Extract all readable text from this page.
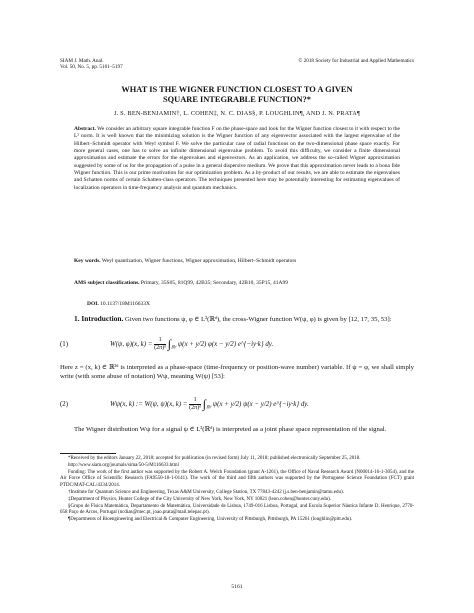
SIAM J. Math. Anal.
Vol. 50, No. 5, pp. 5161–5197
© 2018 Society for Industrial and Applied Mathematics
WHAT IS THE WIGNER FUNCTION CLOSEST TO A GIVEN
SQUARE INTEGRABLE FUNCTION?*
J. S. BEN-BENJAMIN†, L. COHEN‡, N. C. DIAS§, P. LOUGHLIN¶, AND J. N. PRATA¶
Abstract. We consider an arbitrary square integrable function F on the phase-space and look for the Wigner function closest to it with respect to the L² norm. It is well known that the minimizing solution is the Wigner function of any eigenvector associated with the largest eigenvalue of the Hilbert–Schmidt operator with Weyl symbol F. We solve the particular case of radial functions on the two-dimensional phase space exactly. For more general cases, one has to solve an infinite dimensional eigenvalue problem. To avoid this difficulty, we consider a finite dimensional approximation and estimate the errors for the eigenvalues and eigenvectors. As an application, we address the so-called Wigner approximation suggested by some of us for the propagation of a pulse in a general dispersive medium. We prove that this approximation never leads to a bona fide Wigner function. This is our prime motivation for our optimization problem. As a by-product of our results, we are able to estimate the eigenvalues and Schatten norms of certain Schatten-class operators. The techniques presented here may be potentially interesting for estimating eigenvalues of localization operators in time-frequency analysis and quantum mechanics.
Key words. Weyl quantization, Wigner functions, Wigner approximation, Hilbert–Schmidt operators
AMS subject classifications. Primary, 35S05, 81Q99, 42B35; Secondary, 42B10, 35P15, 41A99
DOI. 10.1137/18M116633X
1. Introduction. Given two functions ψ, φ ∈ L²(ℝᵈ), the cross-Wigner function W(ψ, φ) is given by [12, 17, 35, 53]:
(1)	W(ψ, φ)(x, $k) = \frac{1}{\text{(2π)ᵈ}} \int_{ℝᵈ}$ ψ(x + y/2) φ(x − y/2) e^{−iy·k} dy.
Here z = (x, k) ∈ ℝ²ᵈ is interpreted as a phase-space (time-frequency or position-wave number) variable. If ψ = φ, we shall simply write (with some abuse of notation) Wψ, meaning W(ψ) [53]:
(2)	Wψ(x, k) := W(ψ, ψ)(x, $k) = \frac{1}{\text{(2π)ᵈ}} \int_{ℝᵈ}$ ψ(x + y/2) ψ(x − y/2) e^{−iy·k} dy.
The Wigner distribution Wψ for a signal ψ ∈ L²(ℝᵈ) is interpreted as a joint phase space representation of the signal.

*Received by the editors January 22, 2018; accepted for publication (in revised form) July 11, 2018; published electronically September 25, 2018.

http://www.siam.org/journals/sima/50-5/M116633.html

Funding: The work of the first author was supported by the Robert A. Welch Foundation (grant A-1261), the Office of Naval Research Award (N00014-16-1-3054), and the Air Force Office of Scientific Research (FA9550-18-1-0141). The work of the third and fifth authors was supported by the Portuguese Science Foundation (FCT) grant PTDC/MAT-CAL/4334/2014.

†Institute for Quantum Science and Engineering, Texas A&M University, College Station, TX 77843-4242 (j.s.ben-benjamin@tamu.edu).

‡Department of Physics, Hunter College of the City University of New York, New York, NY 10021 (leon.cohen@hunter.cuny.edu).

§Grupo de Física Matemática, Departamento de Matemática, Universidade de Lisboa, 1749-016 Lisboa, Portugal, and Escola Superior Náutica Infante D. Henrique, 2770-058 Paço de Arcos, Portugal (ncdias@mec.pt, joao.prata@mail.telepac.pt).

¶Departments of Bioengineering and Electrical & Computer Engineering, University of Pittsburgh, Pittsburgh, PA 15261 (loughlin@pitt.edu).

5161
